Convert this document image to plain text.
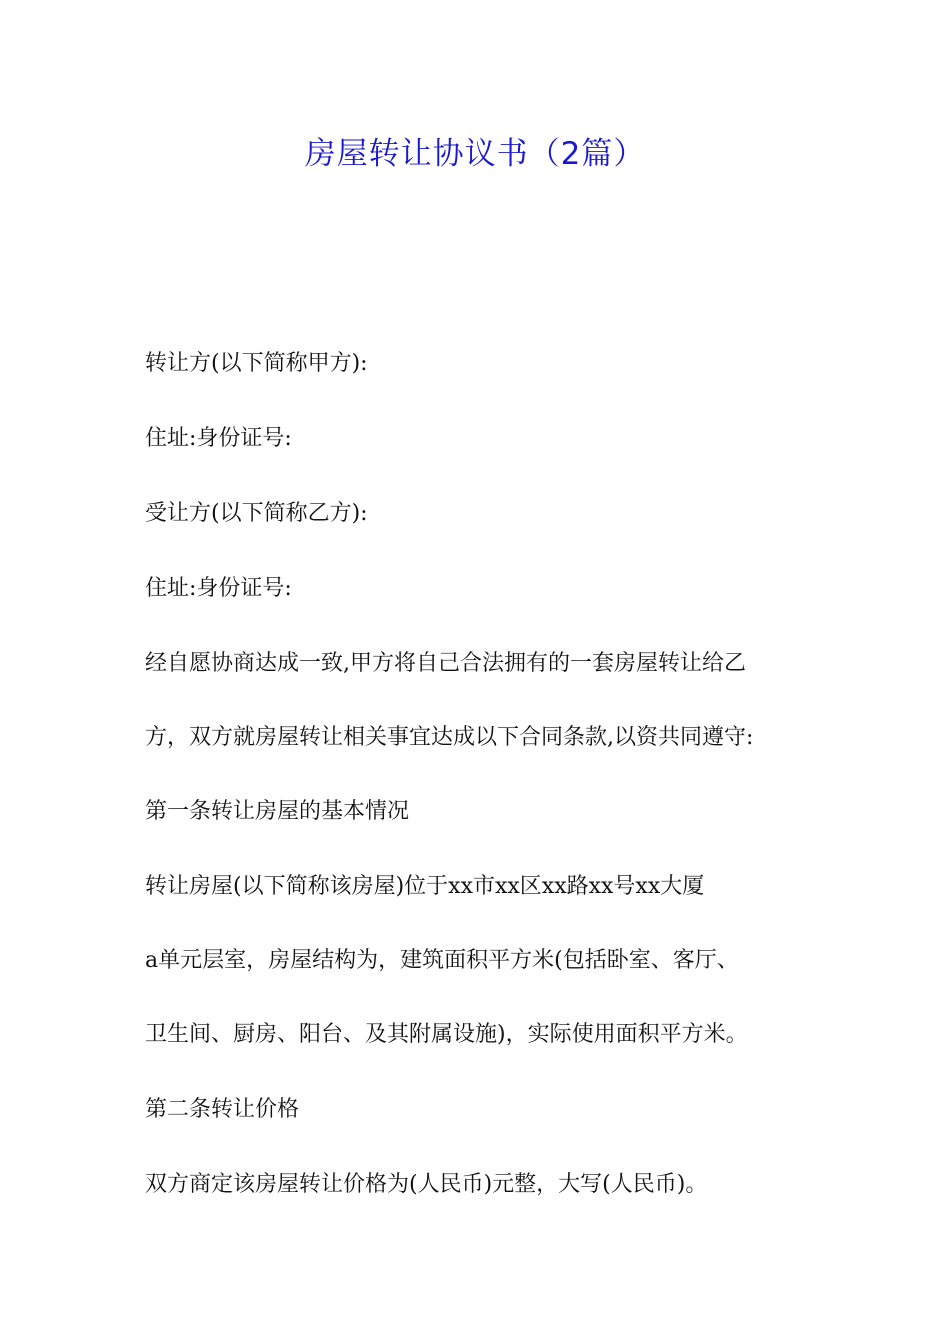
房屋转让协议书（2篇）

转让方(以下简称甲方):

住址:身份证号:

受让方(以下简称乙方):

住址:身份证号:

经自愿协商达成一致,甲方将自己合法拥有的一套房屋转让给乙

方，双方就房屋转让相关事宜达成以下合同条款,以资共同遵守:

第一条转让房屋的基本情况

转让房屋(以下简称该房屋)位于xx市xx区xx路xx号xx大厦

a单元层室，房屋结构为，建筑面积平方米(包括卧室、客厅、

卫生间、厨房、阳台、及其附属设施)，实际使用面积平方米。

第二条转让价格

双方商定该房屋转让价格为(人民币)元整，大写(人民币)。
